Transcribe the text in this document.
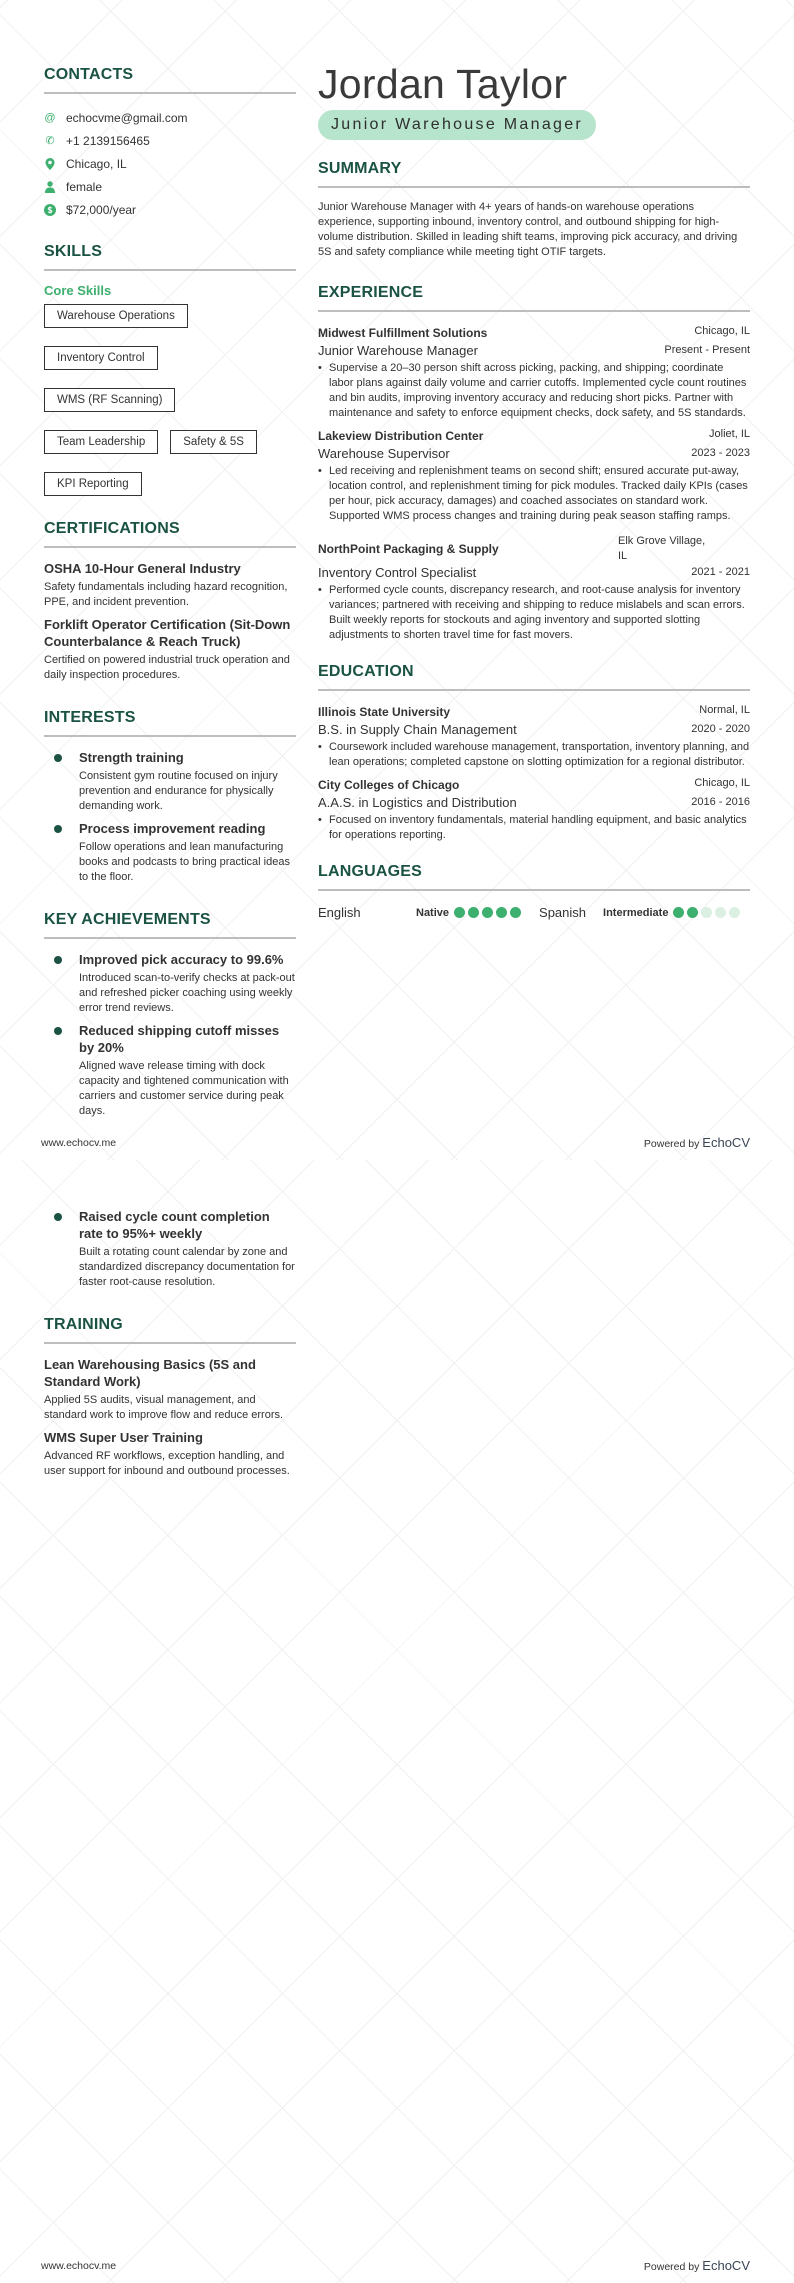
CONTACTS
@ echocvme@gmail.com
✆ +1 2139156465
Chicago, IL
female
$72,000/year
SKILLS
Core Skills
Warehouse Operations
Inventory Control
WMS (RF Scanning)
Team Leadership	Safety & 5S
KPI Reporting
CERTIFICATIONS
OSHA 10-Hour General Industry
Safety fundamentals including hazard recognition, PPE, and incident prevention.
Forklift Operator Certification (Sit-Down Counterbalance & Reach Truck)
Certified on powered industrial truck operation and daily inspection procedures.
INTERESTS
Strength training
Consistent gym routine focused on injury prevention and endurance for physically demanding work.
Process improvement reading
Follow operations and lean manufacturing books and podcasts to bring practical ideas to the floor.
KEY ACHIEVEMENTS
Improved pick accuracy to 99.6%
Introduced scan-to-verify checks at pack-out and refreshed picker coaching using weekly error trend reviews.
Reduced shipping cutoff misses by 20%
Aligned wave release timing with dock capacity and tightened communication with carriers and customer service during peak days.
Jordan Taylor
Junior Warehouse Manager
SUMMARY
Junior Warehouse Manager with 4+ years of hands-on warehouse operations experience, supporting inbound, inventory control, and outbound shipping for high-volume distribution. Skilled in leading shift teams, improving pick accuracy, and driving 5S and safety compliance while meeting tight OTIF targets.
EXPERIENCE
Midwest Fulfillment Solutions	Chicago, IL
Junior Warehouse Manager	Present - Present
• Supervise a 20–30 person shift across picking, packing, and shipping; coordinate labor plans against daily volume and carrier cutoffs. Implemented cycle count routines and bin audits, improving inventory accuracy and reducing short picks. Partner with maintenance and safety to enforce equipment checks, dock safety, and 5S standards.
Lakeview Distribution Center	Joliet, IL
Warehouse Supervisor	2023 - 2023
• Led receiving and replenishment teams on second shift; ensured accurate put-away, location control, and replenishment timing for pick modules. Tracked daily KPIs (cases per hour, pick accuracy, damages) and coached associates on standard work. Supported WMS process changes and training during peak season staffing ramps.
NorthPoint Packaging & Supply
Elk Grove Village, IL
Inventory Control Specialist	2021 - 2021
• Performed cycle counts, discrepancy research, and root-cause analysis for inventory variances; partnered with receiving and shipping to reduce mislabels and scan errors. Built weekly reports for stockouts and aging inventory and supported slotting adjustments to shorten travel time for fast movers.
EDUCATION
Illinois State University	Normal, IL
B.S. in Supply Chain Management	2020 - 2020
• Coursework included warehouse management, transportation, inventory planning, and lean operations; completed capstone on slotting optimization for a regional distributor.
City Colleges of Chicago	Chicago, IL
A.A.S. in Logistics and Distribution	2016 - 2016
• Focused on inventory fundamentals, material handling equipment, and basic analytics for operations reporting.
LANGUAGES
English	Native	Spanish	Intermediate
www.echocv.me	Powered by EchoCV
Raised cycle count completion rate to 95%+ weekly
Built a rotating count calendar by zone and standardized discrepancy documentation for faster root-cause resolution.
TRAINING
Lean Warehousing Basics (5S and Standard Work)
Applied 5S audits, visual management, and standard work to improve flow and reduce errors.
WMS Super User Training
Advanced RF workflows, exception handling, and user support for inbound and outbound processes.
www.echocv.me	Powered by EchoCV
